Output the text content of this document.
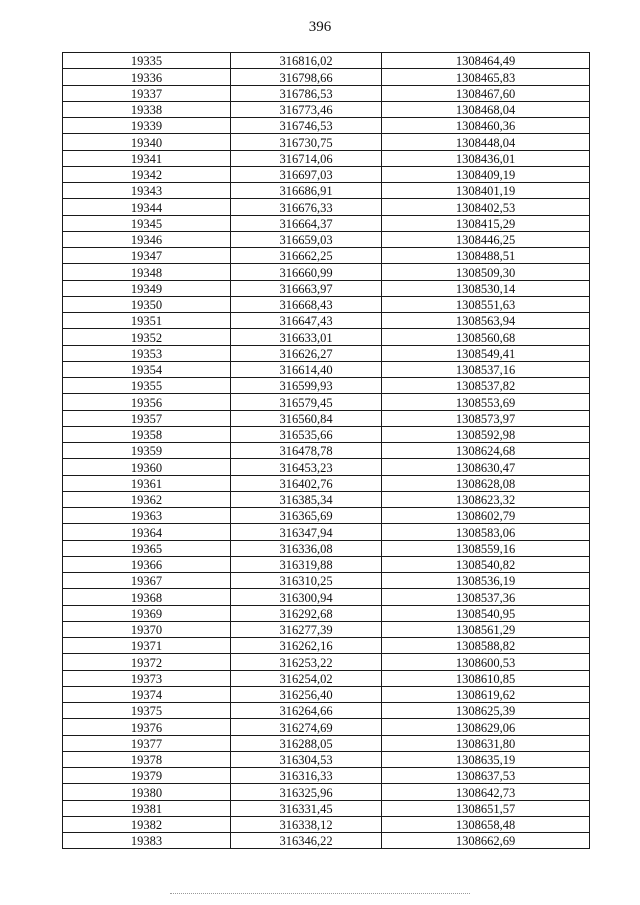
396
19335	316816,02	1308464,49
19336	316798,66	1308465,83
19337	316786,53	1308467,60
19338	316773,46	1308468,04
19339	316746,53	1308460,36
19340	316730,75	1308448,04
19341	316714,06	1308436,01
19342	316697,03	1308409,19
19343	316686,91	1308401,19
19344	316676,33	1308402,53
19345	316664,37	1308415,29
19346	316659,03	1308446,25
19347	316662,25	1308488,51
19348	316660,99	1308509,30
19349	316663,97	1308530,14
19350	316668,43	1308551,63
19351	316647,43	1308563,94
19352	316633,01	1308560,68
19353	316626,27	1308549,41
19354	316614,40	1308537,16
19355	316599,93	1308537,82
19356	316579,45	1308553,69
19357	316560,84	1308573,97
19358	316535,66	1308592,98
19359	316478,78	1308624,68
19360	316453,23	1308630,47
19361	316402,76	1308628,08
19362	316385,34	1308623,32
19363	316365,69	1308602,79
19364	316347,94	1308583,06
19365	316336,08	1308559,16
19366	316319,88	1308540,82
19367	316310,25	1308536,19
19368	316300,94	1308537,36
19369	316292,68	1308540,95
19370	316277,39	1308561,29
19371	316262,16	1308588,82
19372	316253,22	1308600,53
19373	316254,02	1308610,85
19374	316256,40	1308619,62
19375	316264,66	1308625,39
19376	316274,69	1308629,06
19377	316288,05	1308631,80
19378	316304,53	1308635,19
19379	316316,33	1308637,53
19380	316325,96	1308642,73
19381	316331,45	1308651,57
19382	316338,12	1308658,48
19383	316346,22	1308662,69
